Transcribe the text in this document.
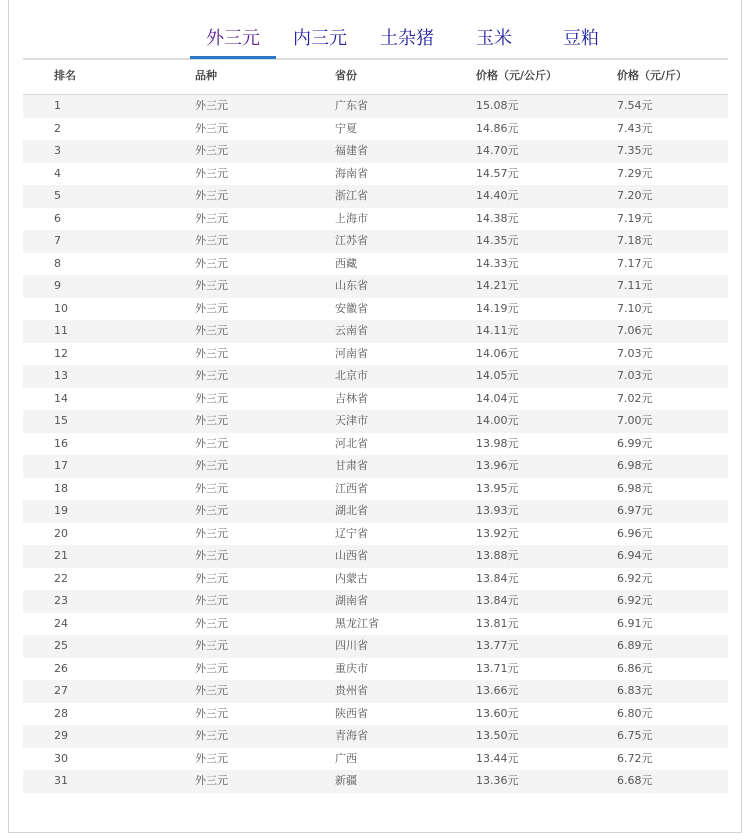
外三元	内三元	土杂猪	玉米	豆粕
排名	品种	省份	价格（元/公斤）	价格（元/斤）
1	外三元	广东省	15.08元	7.54元
2	外三元	宁夏	14.86元	7.43元
3	外三元	福建省	14.70元	7.35元
4	外三元	海南省	14.57元	7.29元
5	外三元	浙江省	14.40元	7.20元
6	外三元	上海市	14.38元	7.19元
7	外三元	江苏省	14.35元	7.18元
8	外三元	西藏	14.33元	7.17元
9	外三元	山东省	14.21元	7.11元
10	外三元	安徽省	14.19元	7.10元
11	外三元	云南省	14.11元	7.06元
12	外三元	河南省	14.06元	7.03元
13	外三元	北京市	14.05元	7.03元
14	外三元	吉林省	14.04元	7.02元
15	外三元	天津市	14.00元	7.00元
16	外三元	河北省	13.98元	6.99元
17	外三元	甘肃省	13.96元	6.98元
18	外三元	江西省	13.95元	6.98元
19	外三元	湖北省	13.93元	6.97元
20	外三元	辽宁省	13.92元	6.96元
21	外三元	山西省	13.88元	6.94元
22	外三元	内蒙古	13.84元	6.92元
23	外三元	湖南省	13.84元	6.92元
24	外三元	黑龙江省	13.81元	6.91元
25	外三元	四川省	13.77元	6.89元
26	外三元	重庆市	13.71元	6.86元
27	外三元	贵州省	13.66元	6.83元
28	外三元	陕西省	13.60元	6.80元
29	外三元	青海省	13.50元	6.75元
30	外三元	广西	13.44元	6.72元
31	外三元	新疆	13.36元	6.68元
